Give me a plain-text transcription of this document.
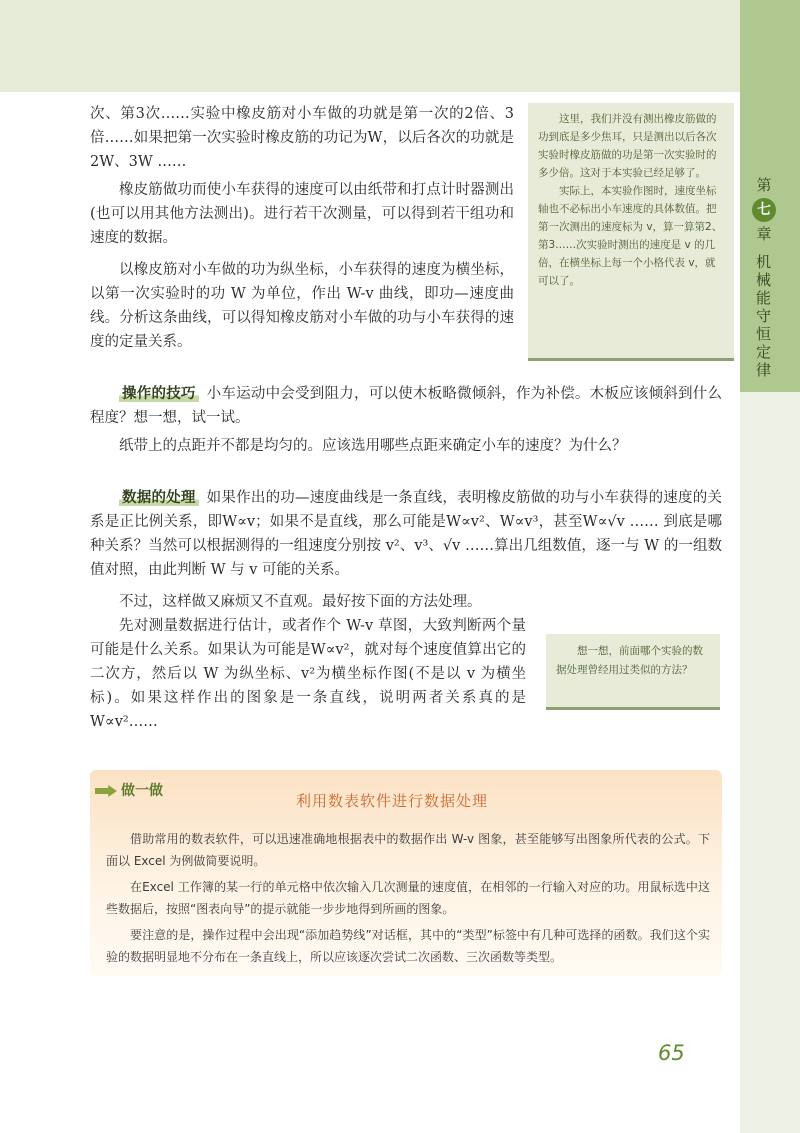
第
七
章
机械能守恒定律

次、第3次……实验中橡皮筋对小车做的功就是第一次的2倍、3倍……如果把第一次实验时橡皮筋的功记为W，以后各次的功就是2W、3W ……

橡皮筋做功而使小车获得的速度可以由纸带和打点计时器测出(也可以用其他方法测出)。进行若干次测量，可以得到若干组功和速度的数据。

以橡皮筋对小车做的功为纵坐标，小车获得的速度为横坐标，以第一次实验时的功 W 为单位，作出 W-v 曲线，即功—速度曲线。分析这条曲线，可以得知橡皮筋对小车做的功与小车获得的速度的定量关系。

这里，我们并没有测出橡皮筋做的功到底是多少焦耳，只是测出以后各次实验时橡皮筋做的功是第一次实验时的多少倍。这对于本实验已经足够了。

实际上，本实验作图时，速度坐标轴也不必标出小车速度的具体数值。把第一次测出的速度标为 v，算一算第2、第3……次实验时测出的速度是 v 的几倍，在横坐标上每一个小格代表 v，就可以了。

操作的技巧 小车运动中会受到阻力，可以使木板略微倾斜，作为补偿。木板应该倾斜到什么程度？想一想，试一试。

纸带上的点距并不都是均匀的。应该选用哪些点距来确定小车的速度？为什么？

数据的处理 如果作出的功—速度曲线是一条直线，表明橡皮筋做的功与小车获得的速度的关系是正比例关系，即W∝v；如果不是直线，那么可能是W∝v²、W∝v³，甚至W∝√v …… 到底是哪种关系？当然可以根据测得的一组速度分别按 v²、v³、√v ……算出几组数值，逐一与 W 的一组数值对照，由此判断 W 与 v 可能的关系。

不过，这样做又麻烦又不直观。最好按下面的方法处理。

先对测量数据进行估计，或者作个 W-v 草图，大致判断两个量可能是什么关系。如果认为可能是W∝v²，就对每个速度值算出它的二次方，然后以 W 为纵坐标、v²为横坐标作图(不是以 v 为横坐标)。如果这样作出的图象是一条直线，说明两者关系真的是W∝v²……

想一想，前面哪个实验的数据处理曾经用过类似的方法？
做一做
利用数表软件进行数据处理

借助常用的数表软件，可以迅速准确地根据表中的数据作出 W-v 图象，甚至能够写出图象所代表的公式。下面以 Excel 为例做简要说明。

在Excel 工作簿的某一行的单元格中依次输入几次测量的速度值，在相邻的一行输入对应的功。用鼠标选中这些数据后，按照“图表向导”的提示就能一步步地得到所画的图象。

要注意的是，操作过程中会出现“添加趋势线”对话框，其中的“类型”标签中有几种可选择的函数。我们这个实验的数据明显地不分布在一条直线上，所以应该逐次尝试二次函数、三次函数等类型。

65
